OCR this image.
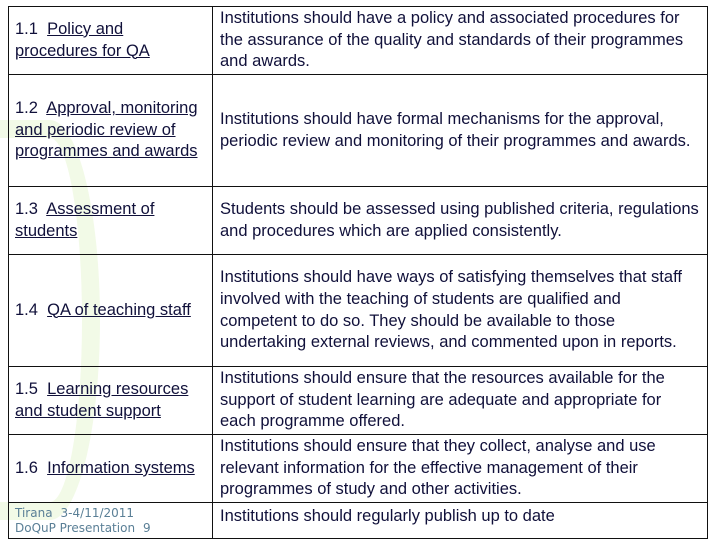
1.1 Policy and procedures for QA	Institutions should have a policy and associated procedures for the assurance of the quality and standards of their programmes and awards.
1.2 Approval, monitoring and periodic review of programmes and awards	Institutions should have formal mechanisms for the approval, periodic review and monitoring of their programmes and awards.
1.3 Assessment of students	Students should be assessed using published criteria, regulations and procedures which are applied consistently.
1.4 QA of teaching staff	Institutions should have ways of satisfying themselves that staff involved with the teaching of students are qualified and competent to do so. They should be available to those undertaking external reviews, and commented upon in reports.
1.5 Learning resources and student support	Institutions should ensure that the resources available for the support of student learning are adequate and appropriate for each programme offered.
1.6 Information systems	Institutions should ensure that they collect, analyse and use relevant information for the effective management of their programmes of study and other activities.

Tirana 3-4/11/2011
DoQuP Presentation 9	Institutions should regularly publish up to date
